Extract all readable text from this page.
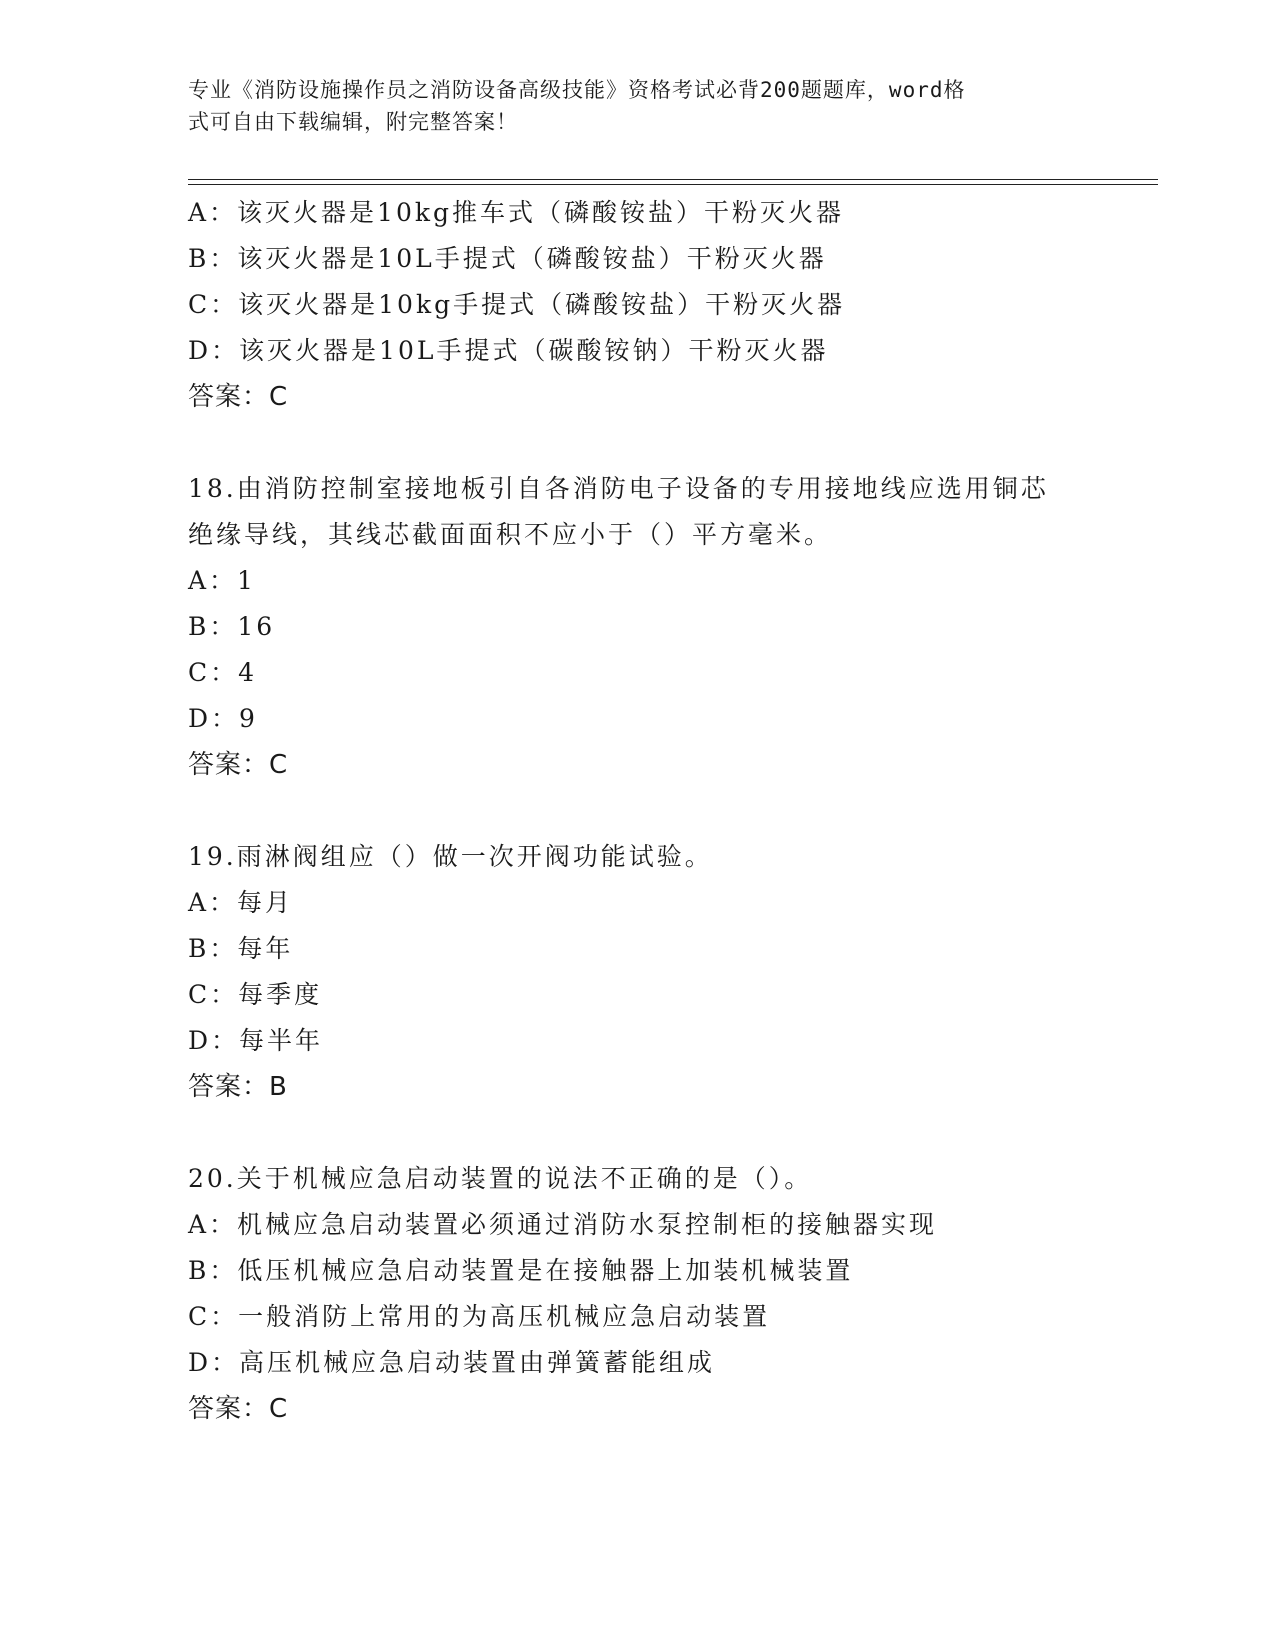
专业《消防设施操作员之消防设备高级技能》资格考试必背200题题库，word格
式可自由下载编辑，附完整答案！
A：该灭火器是10kg推车式（磷酸铵盐）干粉灭火器
B：该灭火器是10L手提式（磷酸铵盐）干粉灭火器
C：该灭火器是10kg手提式（磷酸铵盐）干粉灭火器
D：该灭火器是10L手提式（碳酸铵钠）干粉灭火器
答案：C
18.由消防控制室接地板引自各消防电子设备的专用接地线应选用铜芯
绝缘导线，其线芯截面面积不应小于（）平方毫米。
A：1
B：16
C：4
D：9
答案：C
19.雨淋阀组应（）做一次开阀功能试验。
A：每月
B：每年
C：每季度
D：每半年
答案：B
20.关于机械应急启动装置的说法不正确的是（）。
A：机械应急启动装置必须通过消防水泵控制柜的接触器实现
B：低压机械应急启动装置是在接触器上加装机械装置
C：一般消防上常用的为高压机械应急启动装置
D：高压机械应急启动装置由弹簧蓄能组成
答案：C
